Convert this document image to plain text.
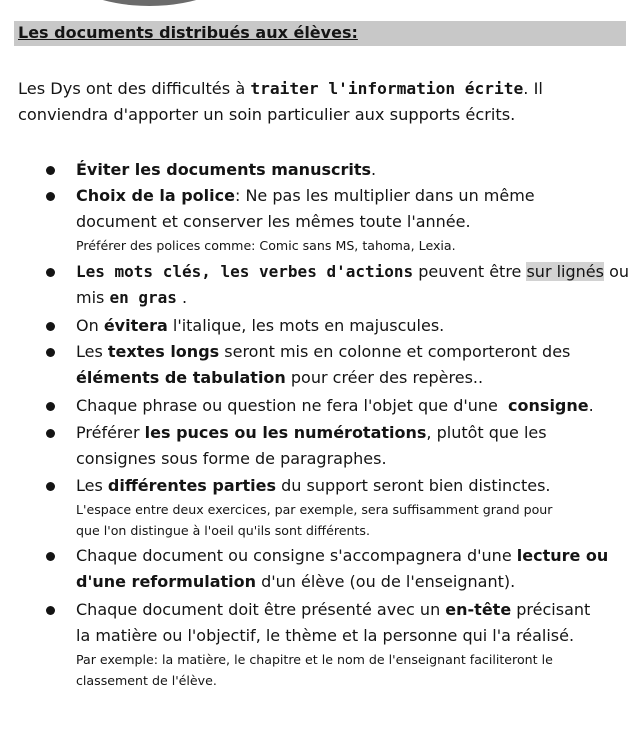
Les documents distribués aux élèves:
Les Dys ont des difficultés à traiter l'information écrite. Il
conviendra d'apporter un soin particulier aux supports écrits.
Éviter les documents manuscrits.
Choix de la police: Ne pas les multiplier dans un même
document et conserver les mêmes toute l'année.
Préférer des polices comme: Comic sans MS, tahoma, Lexia.
Les mots clés, les verbes d'actions peuvent être sur lignés ou
mis en gras .
On évitera l'italique, les mots en majuscules.
Les textes longs seront mis en colonne et comporteront des
éléments de tabulation pour créer des repères..
Chaque phrase ou question ne fera l'objet que d'une  consigne.
Préférer les puces ou les numérotations, plutôt que les
consignes sous forme de paragraphes.
Les différentes parties du support seront bien distinctes.
L'espace entre deux exercices, par exemple, sera suffisamment grand pour
que l'on distingue à l'oeil qu'ils sont différents.
Chaque document ou consigne s'accompagnera d'une lecture ou
d'une reformulation d'un élève (ou de l'enseignant).
Chaque document doit être présenté avec un en-tête précisant
la matière ou l'objectif, le thème et la personne qui l'a réalisé.
Par exemple: la matière, le chapitre et le nom de l'enseignant faciliteront le
classement de l'élève.
